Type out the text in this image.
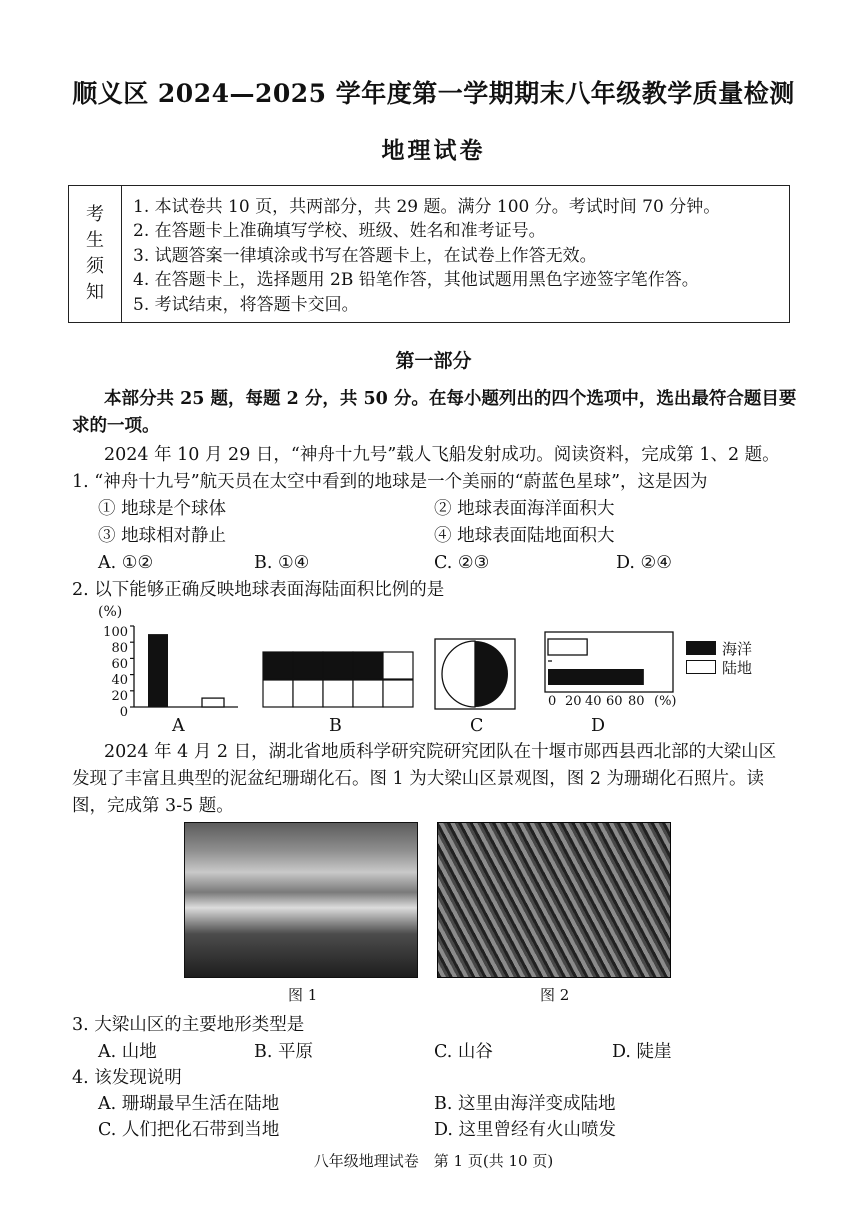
顺义区 2024—2025 学年度第一学期期末八年级教学质量检测
地理试卷
考
生
须
知
1. 本试卷共 10 页，共两部分，共 29 题。满分 100 分。考试时间 70 分钟。
2. 在答题卡上准确填写学校、班级、姓名和准考证号。
3. 试题答案一律填涂或书写在答题卡上，在试卷上作答无效。
4. 在答题卡上，选择题用 2B 铅笔作答，其他试题用黑色字迹签字笔作答。
5. 考试结束，将答题卡交回。
第一部分
本部分共 25 题，每题 2 分，共 50 分。在每小题列出的四个选项中，选出最符合题目要
求的一项。
2024 年 10 月 29 日，“神舟十九号”载人飞船发射成功。阅读资料，完成第 1、2 题。
1. “神舟十九号”航天员在太空中看到的地球是一个美丽的“蔚蓝色星球”，这是因为
① 地球是个球体	② 地球表面海洋面积大
③ 地球相对静止	④ 地球表面陆地面积大
A. ①②	B. ①④	C. ②③	D. ②④
2. 以下能够正确反映地球表面海陆面积比例的是
(%)
100
80
60
40
20
0
A	B	C
0 20 40 60 80 (%)
D
海洋
陆地
2024 年 4 月 2 日，湖北省地质科学研究院研究团队在十堰市郧西县西北部的大梁山区
发现了丰富且典型的泥盆纪珊瑚化石。图 1 为大梁山区景观图，图 2 为珊瑚化石照片。读
图，完成第 3-5 题。
图 1	图 2
3. 大梁山区的主要地形类型是
A. 山地	B. 平原	C. 山谷	D. 陡崖
4. 该发现说明
A. 珊瑚最早生活在陆地	B. 这里由海洋变成陆地
C. 人们把化石带到当地	D. 这里曾经有火山喷发
八年级地理试卷　第 1 页(共 10 页)
